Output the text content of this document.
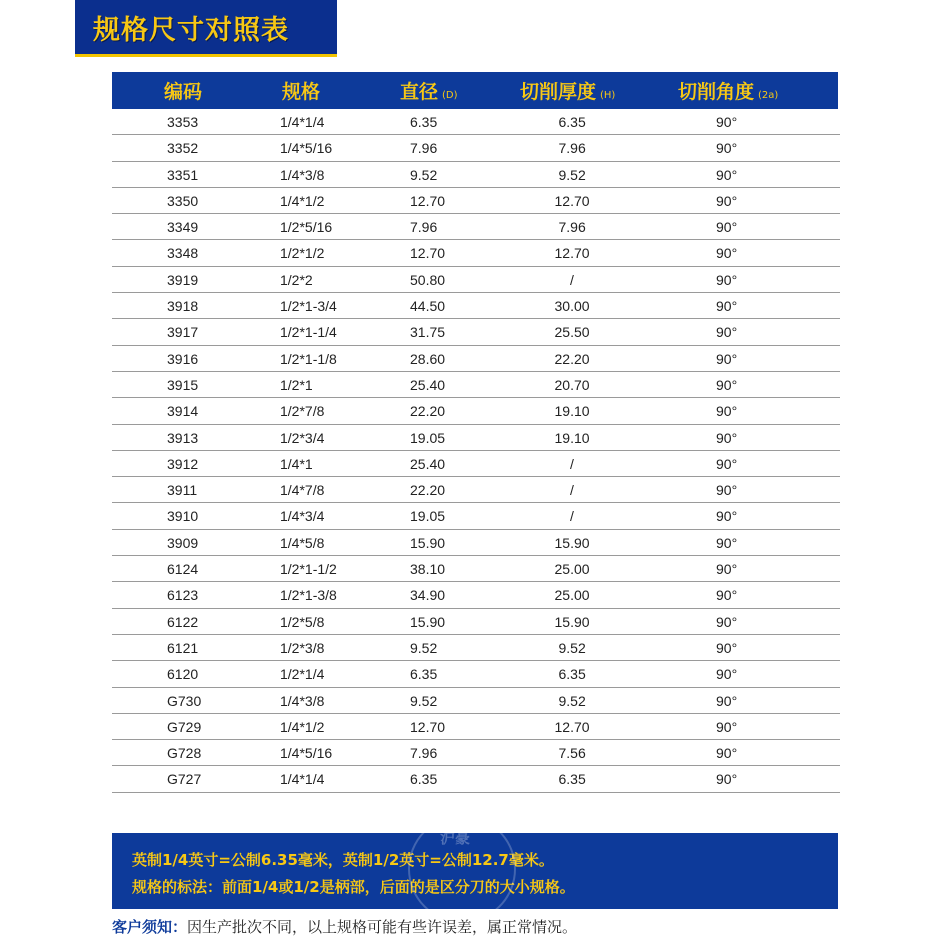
规格尺寸对照表
编码	规格	直径 (D)	切削厚度 (H)	切削角度 (2a)
3353	1/4*1/4	6.35	6.35	90°
3352	1/4*5/16	7.96	7.96	90°
3351	1/4*3/8	9.52	9.52	90°
3350	1/4*1/2	12.70	12.70	90°
3349	1/2*5/16	7.96	7.96	90°
3348	1/2*1/2	12.70	12.70	90°
3919	1/2*2	50.80	/	90°
3918	1/2*1-3/4	44.50	30.00	90°
3917	1/2*1-1/4	31.75	25.50	90°
3916	1/2*1-1/8	28.60	22.20	90°
3915	1/2*1	25.40	20.70	90°
3914	1/2*7/8	22.20	19.10	90°
3913	1/2*3/4	19.05	19.10	90°
3912	1/4*1	25.40	/	90°
3911	1/4*7/8	22.20	/	90°
3910	1/4*3/4	19.05	/	90°
3909	1/4*5/8	15.90	15.90	90°
6124	1/2*1-1/2	38.10	25.00	90°
6123	1/2*1-3/8	34.90	25.00	90°
6122	1/2*5/8	15.90	15.90	90°
6121	1/2*3/8	9.52	9.52	90°
6120	1/2*1/4	6.35	6.35	90°
G730	1/4*3/8	9.52	9.52	90°
G729	1/4*1/2	12.70	12.70	90°
G728	1/4*5/16	7.96	7.56	90°
G727	1/4*1/4	6.35	6.35	90°
英制1/4英寸=公制6.35毫米，英制1/2英寸=公制12.7毫米。
规格的标法：前面1/4或1/2是柄部，后面的是区分刀的大小规格。
沪豪
客户须知：因生产批次不同，以上规格可能有些许误差，属正常情况。
